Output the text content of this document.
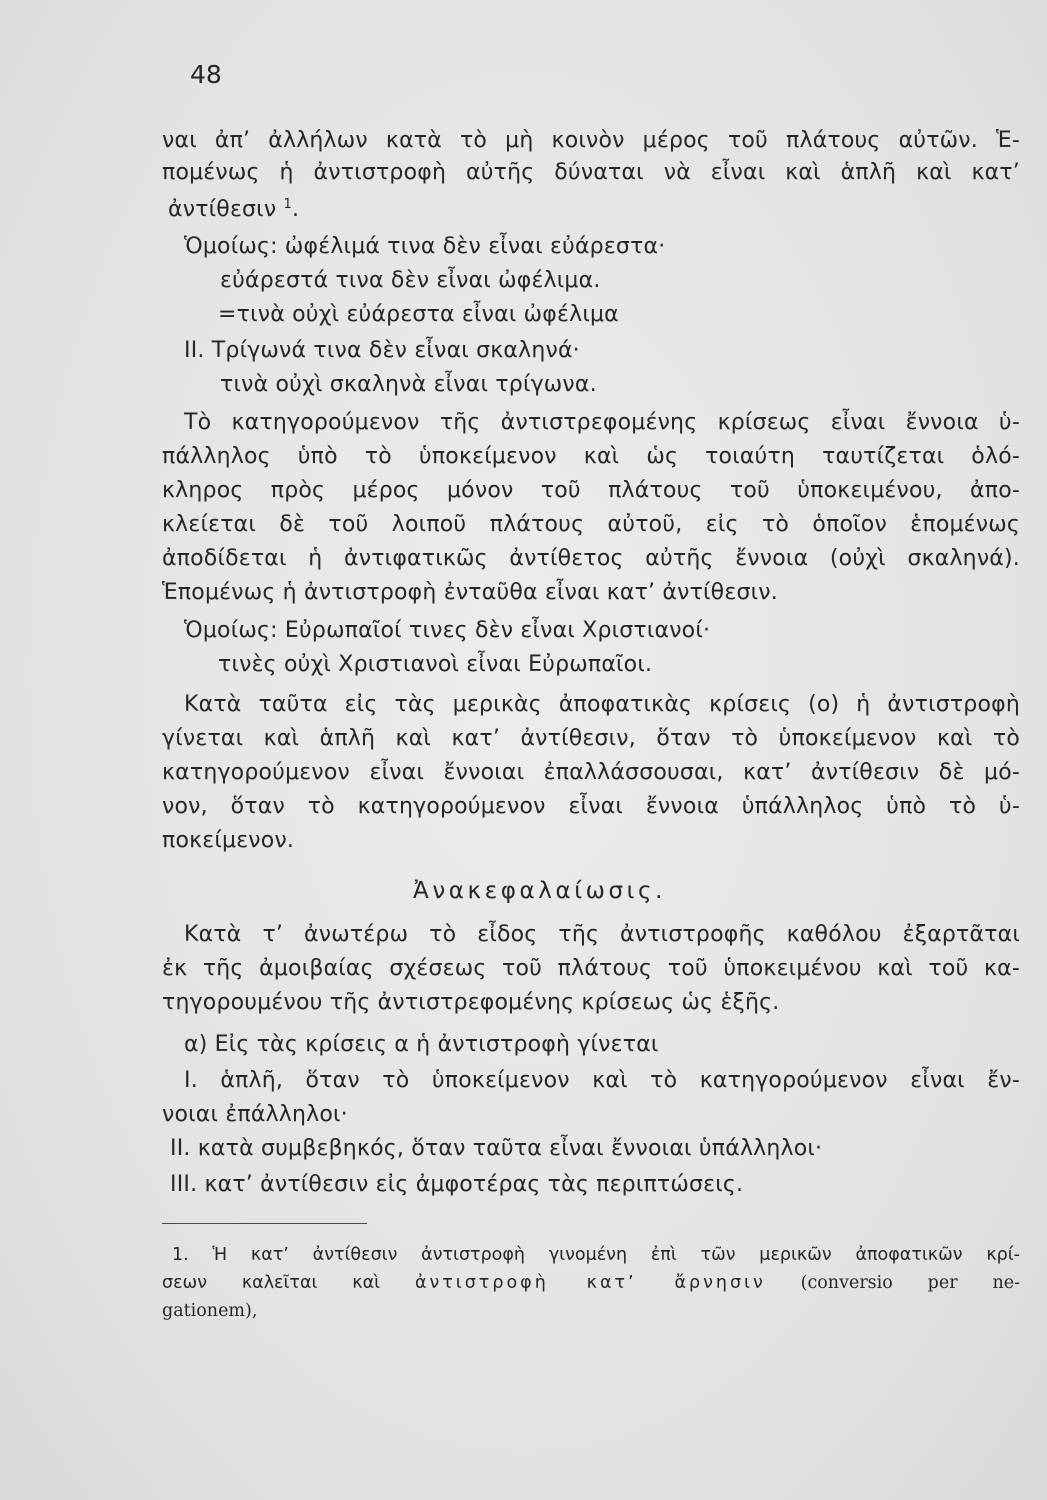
48
ναι ἀπ’ ἀλλήλων κατὰ τὸ μὴ κοινὸν μέρος τοῦ πλάτους αὐτῶν. Ἑ-
πομένως ἡ ἀντιστροφὴ αὐτῆς δύναται νὰ εἶναι καὶ ἁπλῆ καὶ κατ’
ἀντίθεσιν $^1$.
Ὁμοίως: ὠφέλιμά τινα δὲν εἶναι εὐάρεστα·
εὐάρεστά τινα δὲν εἶναι ὠφέλιμα.
=τινὰ οὐχὶ εὐάρεστα εἶναι ὠφέλιμα
II. Τρίγωνά τινα δὲν εἶναι σκαληνά·
τινὰ οὐχὶ σκαληνὰ εἶναι τρίγωνα.
Τὸ κατηγορούμενον τῆς ἀντιστρεφομένης κρίσεως εἶναι ἔννοια ὑ-
πάλληλος ὑπὸ τὸ ὑποκείμενον καὶ ὡς τοιαύτη ταυτίζεται ὁλό-
κληρος πρὸς μέρος μόνον τοῦ πλάτους τοῦ ὑποκειμένου, ἀπο-
κλείεται δὲ τοῦ λοιποῦ πλάτους αὐτοῦ, εἰς τὸ ὁποῖον ἑπομένως
ἀποδίδεται ἡ ἀντιφατικῶς ἀντίθετος αὐτῆς ἔννοια (οὐχὶ σκαληνά).
Ἑπομένως ἡ ἀντιστροφὴ ἐνταῦθα εἶναι κατ’ ἀντίθεσιν.
Ὁμοίως: Εὐρωπαῖοί τινες δὲν εἶναι Χριστιανοί·
τινὲς οὐχὶ Χριστιανοὶ εἶναι Εὐρωπαῖοι.
Κατὰ ταῦτα εἰς τὰς μερικὰς ἀποφατικὰς κρίσεις (ο) ἡ ἀντιστροφὴ
γίνεται καὶ ἁπλῆ καὶ κατ’ ἀντίθεσιν, ὅταν τὸ ὑποκείμενον καὶ τὸ
κατηγορούμενον εἶναι ἔννοιαι ἐπαλλάσσουσαι, κατ’ ἀντίθεσιν δὲ μό-
νον, ὅταν τὸ κατηγορούμενον εἶναι ἔννοια ὑπάλληλος ὑπὸ τὸ ὑ-
ποκείμενον.
Ἀνακεφαλαίωσις.
Κατὰ τ’ ἀνωτέρω τὸ εἶδος τῆς ἀντιστροφῆς καθόλου ἐξαρτᾶται
ἐκ τῆς ἀμοιβαίας σχέσεως τοῦ πλάτους τοῦ ὑποκειμένου καὶ τοῦ κα-
τηγορουμένου τῆς ἀντιστρεφομένης κρίσεως ὡς ἑξῆς.
α) Εἰς τὰς κρίσεις α ἡ ἀντιστροφὴ γίνεται
I. ἁπλῆ, ὅταν τὸ ὑποκείμενον καὶ τὸ κατηγορούμενον εἶναι ἔν-
νοιαι ἐπάλληλοι·
II. κατὰ συμβεβηκός, ὅταν ταῦτα εἶναι ἔννοιαι ὑπάλληλοι·
III. κατ’ ἀντίθεσιν εἰς ἀμφοτέρας τὰς περιπτώσεις.
1. Ἡ κατ’ ἀντίθεσιν ἀντιστροφὴ γινομένη ἐπὶ τῶν μερικῶν ἀποφατικῶν κρί-
σεων καλεῖται καὶ ἀντιστροφὴ κατ’ ἄρνησιν (conversio per ne-
gationem),
